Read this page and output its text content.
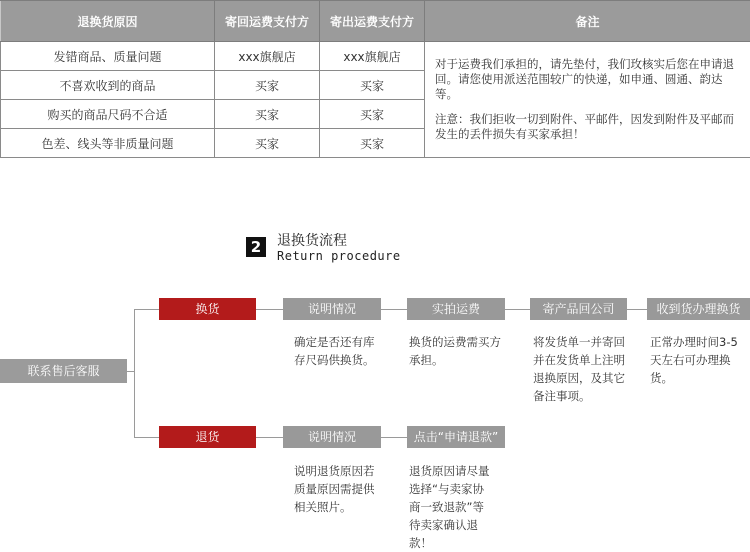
退换货原因	寄回运费支付方	寄出运费支付方	备注
发错商品、质量问题	xxx旗舰店	xxx旗舰店	对于运费我们承担的，请先垫付，我们玫核实后您在申请退回。请您使用派送范围较广的快递，如申通、圆通、韵达等。

注意：我们拒收一切到附件、平邮件，因发到附件及平邮而发生的丢件损失有买家承担！

不喜欢收到的商品	买家	买家	
购买的商品尺码不合适	买家	买家	
色差、线头等非质量问题	买家	买家	
2	退换货流程
Return procedure
联系售后客服
换货	说明情况	实拍运费	寄产品回公司	收到货办理换货
退货	说明情况	点击“申请退款”
确定是否还有库存尺码供换货。
换货的运费需买方承担。
将发货单一并寄回并在发货单上注明退换原因，及其它备注事项。
正常办理时间3-5天左右可办理换货。
说明退货原因若质量原因需提供相关照片。
退货原因请尽量选择“与卖家协商一致退款”等待卖家确认退款！
